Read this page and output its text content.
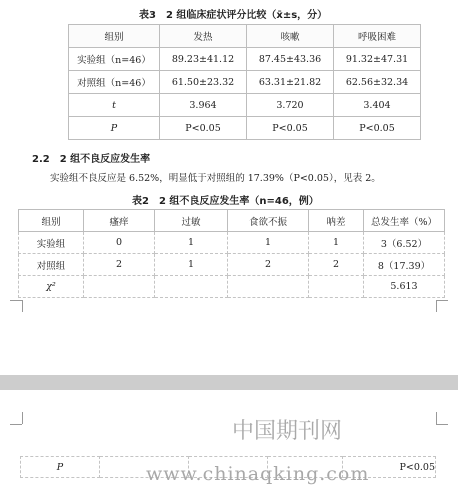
表3　2 组临床症状评分比较（x̄±s，分）
组别	发热	咳嗽	呼吸困难
实验组（n=46）	89.23±41.12	87.45±43.36	91.32±47.31
对照组（n=46）	61.50±23.32	63.31±21.82	62.56±32.34
t	3.964	3.720	3.404
P	P<0.05	P<0.05	P<0.05
2.2　2 组不良反应发生率
实验组不良反应是 6.52%，明显低于对照组的 17.39%（P<0.05），见表 2。
表2　2 组不良反应发生率（n=46，例）
组别	瘙痒	过敏	食欲不振	呐差	总发生率（%）
实验组	0	1	1	1	3（6.52）
对照组	2	1	2	2	8（17.39）
χ²					5.613
中国期刊网
P				P<0.05
www.chinaqking.com
